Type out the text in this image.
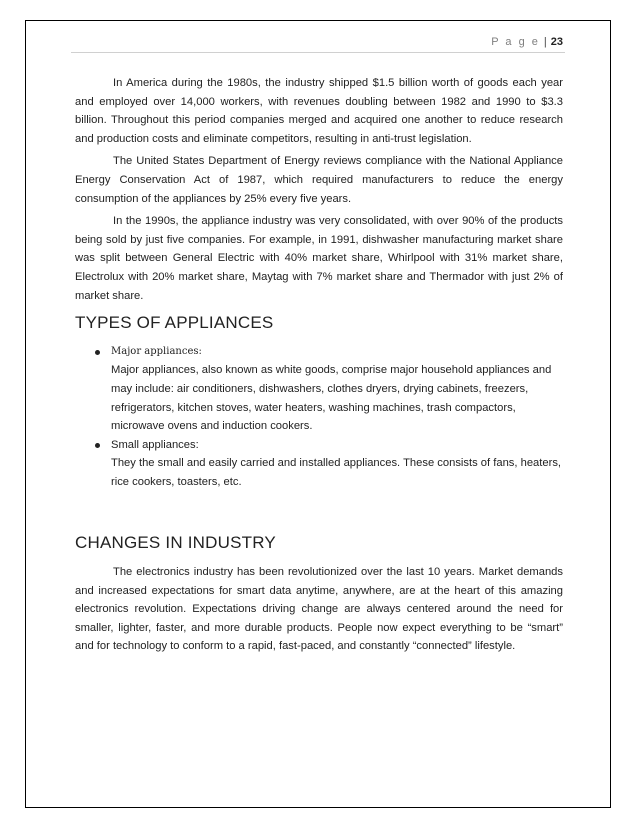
P a g e | 23

In America during the 1980s, the industry shipped $1.5 billion worth of goods each year and employed over 14,000 workers, with revenues doubling between 1982 and 1990 to $3.3 billion. Throughout this period companies merged and acquired one another to reduce research and production costs and eliminate competitors, resulting in anti-trust legislation.

The United States Department of Energy reviews compliance with the National Appliance Energy Conservation Act of 1987, which required manufacturers to reduce the energy consumption of the appliances by 25% every five years.

In the 1990s, the appliance industry was very consolidated, with over 90% of the products being sold by just five companies. For example, in 1991, dishwasher manufacturing market share was split between General Electric with 40% market share, Whirlpool with 31% market share, Electrolux with 20% market share, Maytag with 7% market share and Thermador with just 2% of market share.

TYPES OF APPLIANCES
Major appliances:
Major appliances, also known as white goods, comprise major household appliances and may include: air conditioners, dishwashers, clothes dryers, drying cabinets, freezers, refrigerators, kitchen stoves, water heaters, washing machines, trash compactors, microwave ovens and induction cookers.
Small appliances:
They the small and easily carried and installed appliances. These consists of fans, heaters, rice cookers, toasters, etc.
CHANGES IN INDUSTRY

The electronics industry has been revolutionized over the last 10 years. Market demands and increased expectations for smart data anytime, anywhere, are at the heart of this amazing electronics revolution. Expectations driving change are always centered around the need for smaller, lighter, faster, and more durable products. People now expect everything to be “smart” and for technology to conform to a rapid, fast-paced, and constantly “connected” lifestyle.
